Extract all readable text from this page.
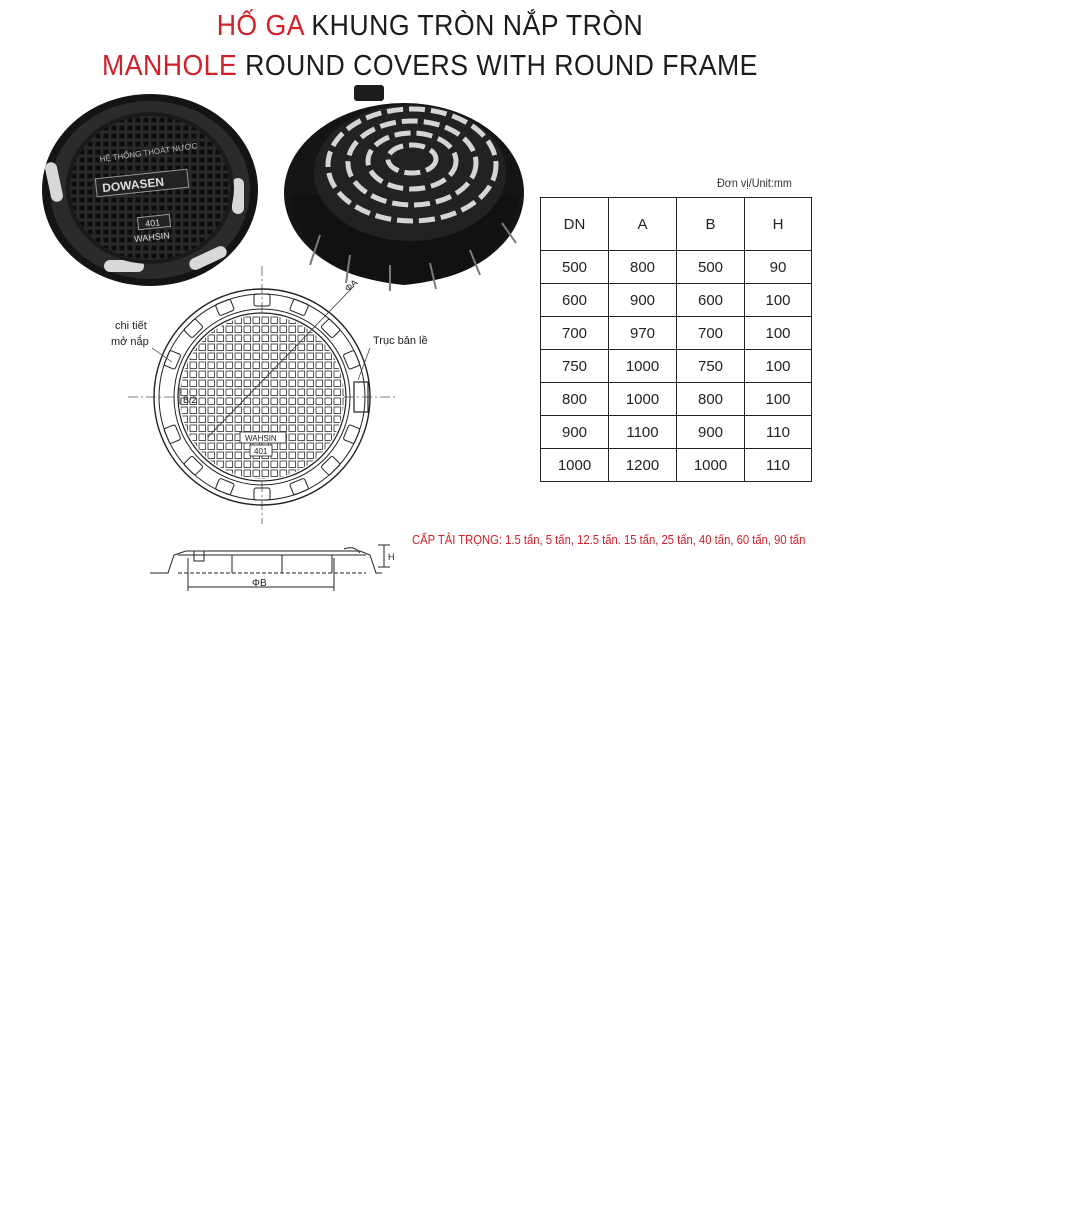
HỐ GA KHUNG TRÒN NẮP TRÒN
MANHOLE ROUND COVERS WITH ROUND FRAME
HỆ THỐNG THOÁT NƯỚC
DOWASEN
401
WAHSIN
ΦA
B/2
WAHSIN
401
chi tiết
mở nắp	Trục bản lề
ΦB
H
Đơn vị/Unit:mm
DN	A	B	H
500	800	500	90
600	900	600	100
700	970	700	100
750	1000	750	100
800	1000	800	100
900	1100	900	110
1000	1200	1000	110
CẤP TẢI TRỌNG: 1.5 tấn, 5 tấn, 12.5 tấn. 15 tấn, 25 tấn, 40 tấn, 60 tấn, 90 tấn
